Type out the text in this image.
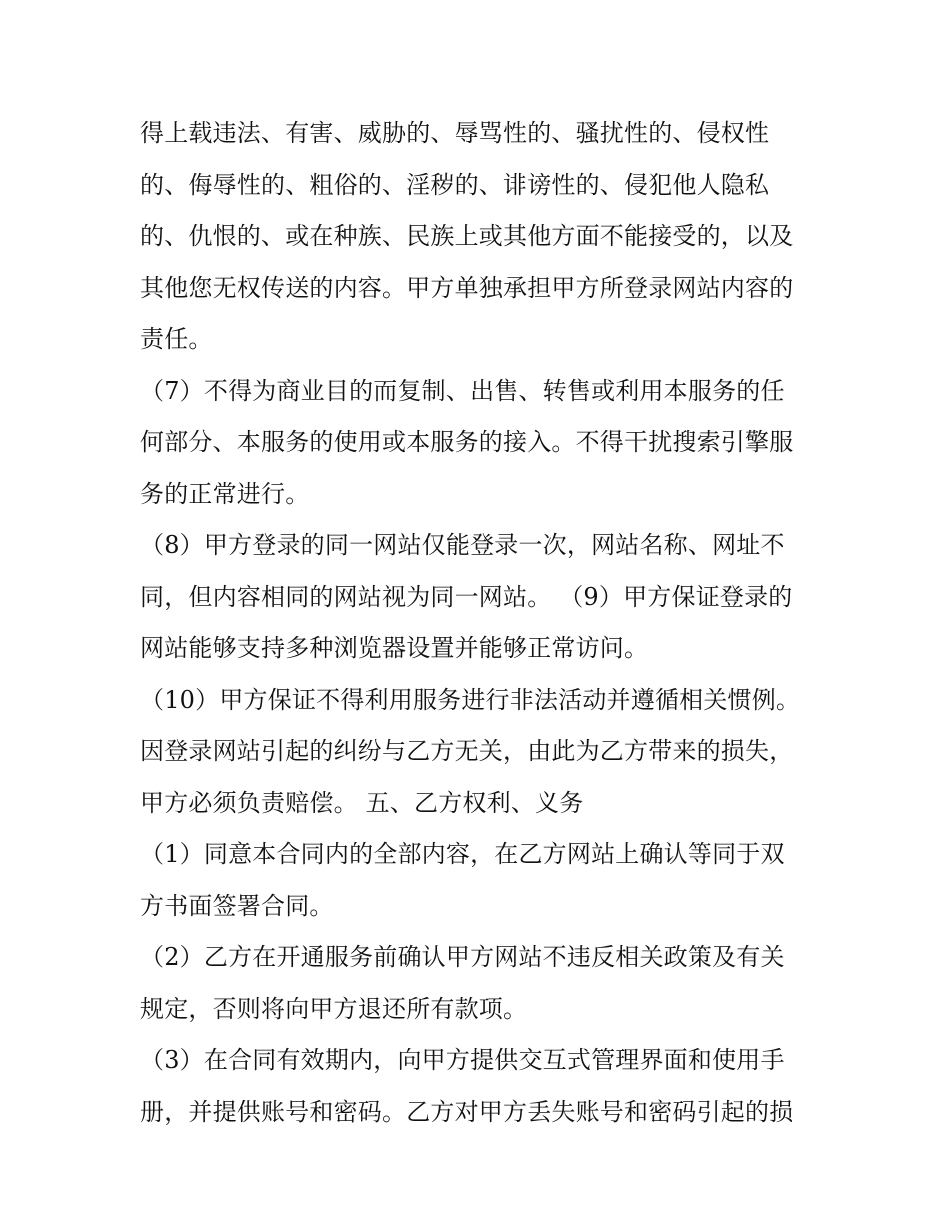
得上载违法、有害、威胁的、辱骂性的、骚扰性的、侵权性
的、侮辱性的、粗俗的、淫秽的、诽谤性的、侵犯他人隐私
的、仇恨的、或在种族、民族上或其他方面不能接受的，以及
其他您无权传送的内容。甲方单独承担甲方所登录网站内容的
责任。
（7）不得为商业目的而复制、出售、转售或利用本服务的任
何部分、本服务的使用或本服务的接入。不得干扰搜索引擎服
务的正常进行。
（8）甲方登录的同一网站仅能登录一次，网站名称、网址不
同，但内容相同的网站视为同一网站。 （9）甲方保证登录的
网站能够支持多种浏览器设置并能够正常访问。
（10）甲方保证不得利用服务进行非法活动并遵循相关惯例。
因登录网站引起的纠纷与乙方无关，由此为乙方带来的损失，
甲方必须负责赔偿。 五、乙方权利、义务
（1）同意本合同内的全部内容，在乙方网站上确认等同于双
方书面签署合同。
（2）乙方在开通服务前确认甲方网站不违反相关政策及有关
规定，否则将向甲方退还所有款项。
（3）在合同有效期内，向甲方提供交互式管理界面和使用手
册，并提供账号和密码。乙方对甲方丢失账号和密码引起的损
